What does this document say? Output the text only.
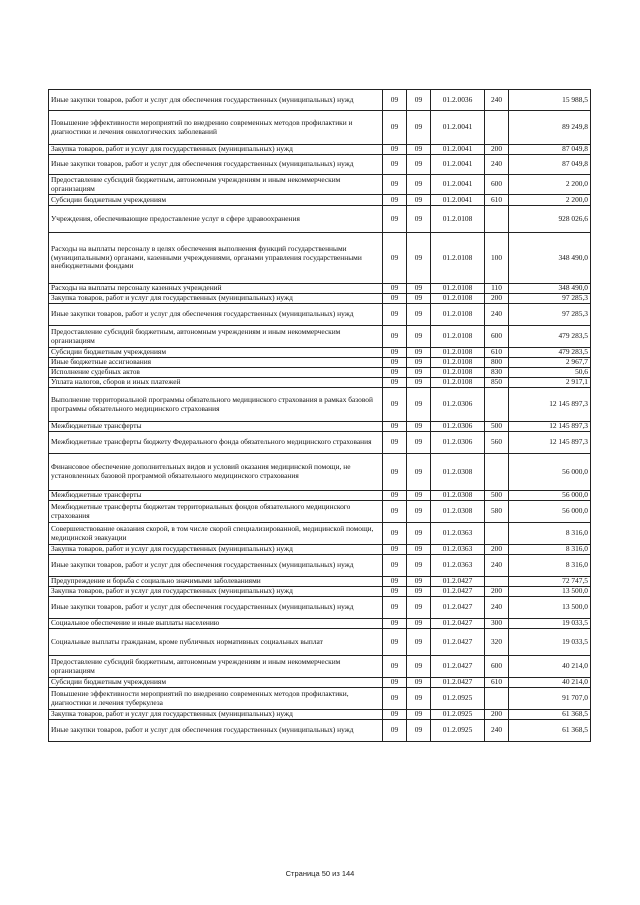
Иные закупки товаров, работ и услуг для обеспечения государственных (муниципальных) нужд	09	09	01.2.0036	240	15 988,5
Повышение эффективности мероприятий по внедрению современных методов профилактики и диагностики и лечения онкологических заболеваний	09	09	01.2.0041		89 249,8
Закупка товаров, работ и услуг для государственных (муниципальных) нужд	09	09	01.2.0041	200	87 049,8
Иные закупки товаров, работ и услуг для обеспечения государственных (муниципальных) нужд	09	09	01.2.0041	240	87 049,8
Предоставление субсидий бюджетным, автономным учреждениям и иным некоммерческим организациям	09	09	01.2.0041	600	2 200,0
Субсидии бюджетным учреждениям	09	09	01.2.0041	610	2 200,0
Учреждения, обеспечивающие предоставление услуг в сфере здравоохранения	09	09	01.2.0108		928 026,6
Расходы на выплаты персоналу в целях обеспечения выполнения функций государственными (муниципальными) органами, казенными учреждениями, органами управления государственными внебюджетными фондами	09	09	01.2.0108	100	348 490,0
Расходы на выплаты персоналу казенных учреждений	09	09	01.2.0108	110	348 490,0
Закупка товаров, работ и услуг для государственных (муниципальных) нужд	09	09	01.2.0108	200	97 285,3
Иные закупки товаров, работ и услуг для обеспечения государственных (муниципальных) нужд	09	09	01.2.0108	240	97 285,3
Предоставление субсидий бюджетным, автономным учреждениям и иным некоммерческим организациям	09	09	01.2.0108	600	479 283,5
Субсидии бюджетным учреждениям	09	09	01.2.0108	610	479 283,5
Иные бюджетные ассигнования	09	09	01.2.0108	800	2 967,7
Исполнение судебных актов	09	09	01.2.0108	830	50,6
Уплата налогов, сборов и иных платежей	09	09	01.2.0108	850	2 917,1
Выполнение территориальной программы обязательного медицинского страхования в рамках базовой программы обязательного медицинского страхования	09	09	01.2.0306		12 145 897,3
Межбюджетные трансферты	09	09	01.2.0306	500	12 145 897,3
Межбюджетные трансферты бюджету Федерального фонда обязательного медицинского страхования	09	09	01.2.0306	560	12 145 897,3
Финансовое обеспечение дополнительных видов и условий оказания медицинской помощи, не установленных базовой программой обязательного медицинского страхования	09	09	01.2.0308		56 000,0
Межбюджетные трансферты	09	09	01.2.0308	500	56 000,0
Межбюджетные трансферты бюджетам территориальных фондов обязательного медицинского страхования	09	09	01.2.0308	580	56 000,0
Совершенствование оказания скорой, в том числе скорой специализированной, медицинской помощи, медицинской эвакуации	09	09	01.2.0363		8 316,0
Закупка товаров, работ и услуг для государственных (муниципальных) нужд	09	09	01.2.0363	200	8 316,0
Иные закупки товаров, работ и услуг для обеспечения государственных (муниципальных) нужд	09	09	01.2.0363	240	8 316,0
Предупреждение и борьба с социально значимыми заболеваниями	09	09	01.2.0427		72 747,5
Закупка товаров, работ и услуг для государственных (муниципальных) нужд	09	09	01.2.0427	200	13 500,0
Иные закупки товаров, работ и услуг для обеспечения государственных (муниципальных) нужд	09	09	01.2.0427	240	13 500,0
Социальное обеспечение и иные выплаты населению	09	09	01.2.0427	300	19 033,5
Социальные выплаты гражданам, кроме публичных нормативных социальных выплат	09	09	01.2.0427	320	19 033,5
Предоставление субсидий бюджетным, автономным учреждениям и иным некоммерческим организациям	09	09	01.2.0427	600	40 214,0
Субсидии бюджетным учреждениям	09	09	01.2.0427	610	40 214,0
Повышение эффективности мероприятий по внедрению современных методов профилактики, диагностики и лечения туберкулеза	09	09	01.2.0925		91 707,0
Закупка товаров, работ и услуг для государственных (муниципальных) нужд	09	09	01.2.0925	200	61 368,5
Иные закупки товаров, работ и услуг для обеспечения государственных (муниципальных) нужд	09	09	01.2.0925	240	61 368,5
Страница 50 из 144
